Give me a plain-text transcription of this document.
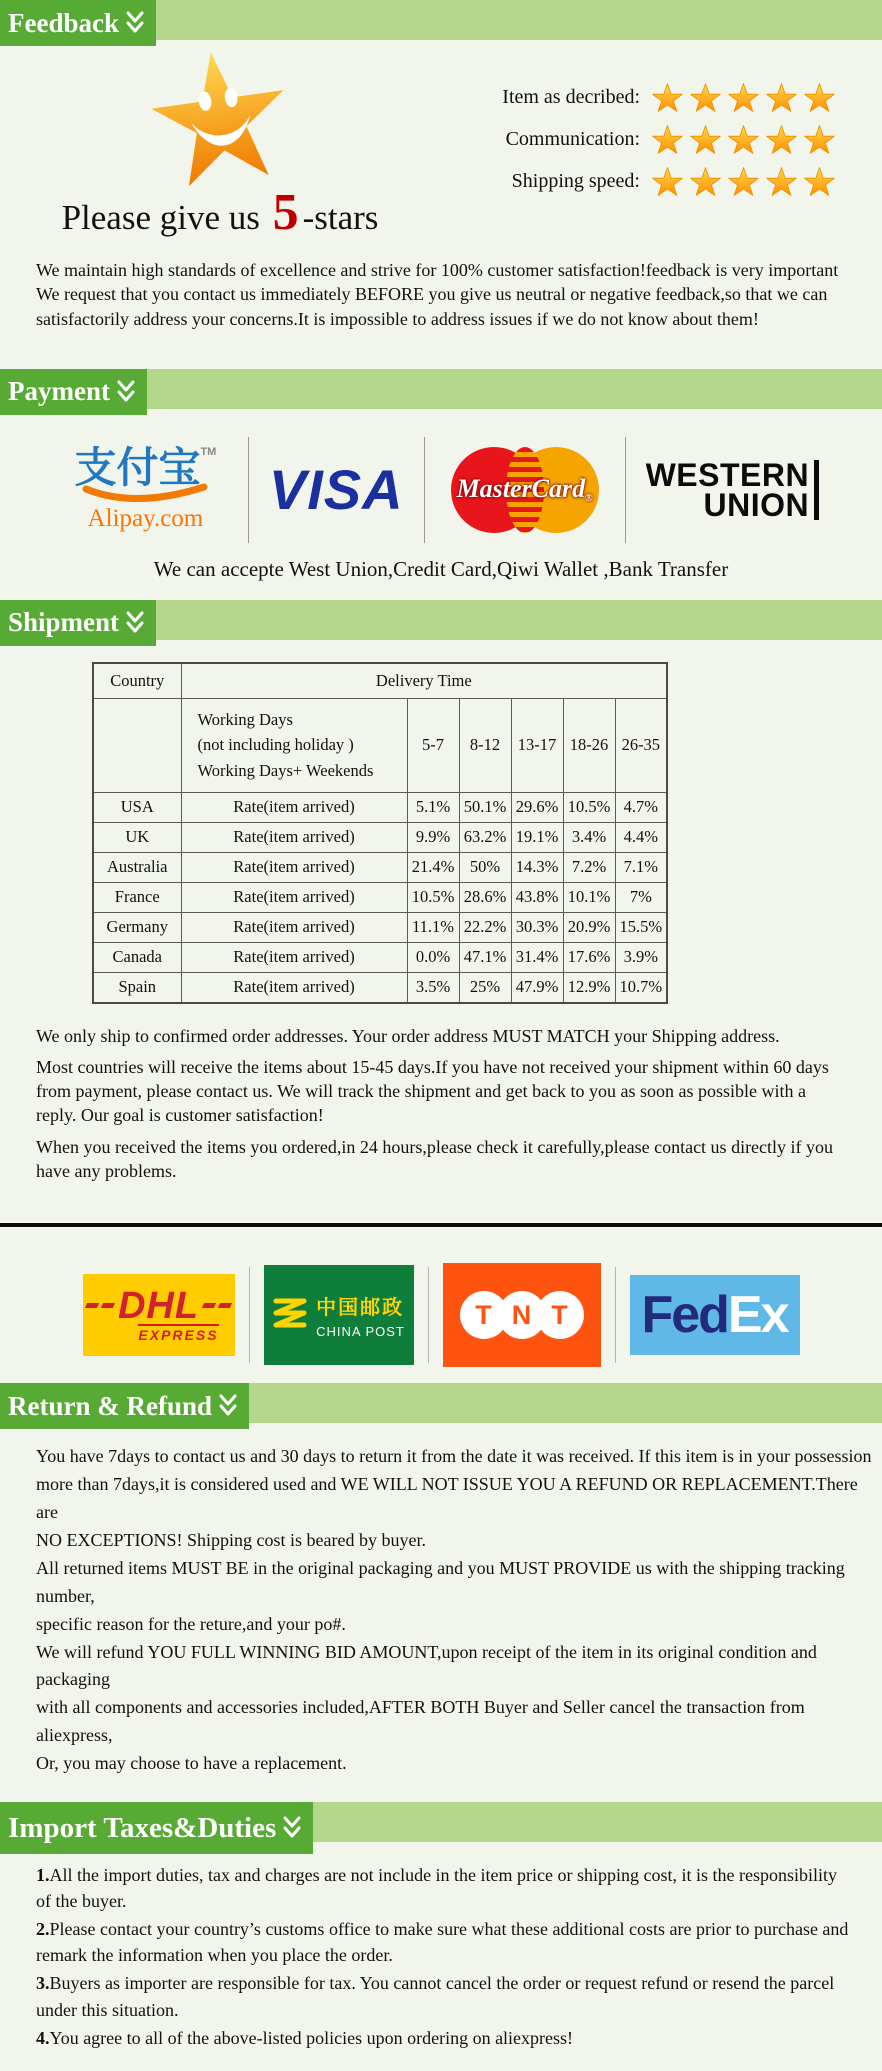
Feedback
Please give us 5 -stars
Item as decribed:
Communication:
Shipping speed:
We maintain high standards of excellence and strive for 100% customer satisfaction!feedback is very important
We request that you contact us immediately BEFORE you give us neutral or negative feedback,so that we can
satisfactorily address your concerns.It is impossible to address issues if we do not know about them!
Payment
支付宝™
Alipay.com	VISA	MasterCard®
WESTERN
UNION
We can accepte West Union,Credit Card,Qiwi Wallet ,Bank Transfer
Shipment
Country	Delivery Time					

	Working Days
(not including holiday )
Working Days+ Weekends	5-7	8-12	13-17	18-26	26-35
USA	Rate(item arrived)	5.1%	50.1%	29.6%	10.5%	4.7%
UK	Rate(item arrived)	9.9%	63.2%	19.1%	3.4%	4.4%
Australia	Rate(item arrived)	21.4%	50%	14.3%	7.2%	7.1%
France	Rate(item arrived)	10.5%	28.6%	43.8%	10.1%	7%
Germany	Rate(item arrived)	11.1%	22.2%	30.3%	20.9%	15.5%
Canada	Rate(item arrived)	0.0%	47.1%	31.4%	17.6%	3.9%
Spain	Rate(item arrived)	3.5%	25%	47.9%	12.9%	10.7%

We only ship to confirmed order addresses. Your order address MUST MATCH your Shipping address.

Most countries will receive the items about 15-45 days.If you have not received your shipment within 60 days from payment, please contact us. We will track the shipment and get back to you as soon as possible with a reply. Our goal is customer satisfaction!

When you received the items you ordered,in 24 hours,please check it carefully,please contact us directly if you have any problems.

DHL
EXPRESS
中国邮政
CHINA POST
T N T Fed Ex
Return & Refund
You have 7days to contact us and 30 days to return it from the date it was received. If this item is in your possession
more than 7days,it is considered used and WE WILL NOT ISSUE YOU A REFUND OR REPLACEMENT.There are
NO EXCEPTIONS! Shipping cost is beared by buyer.
All returned items MUST BE in the original packaging and you MUST PROVIDE us with the shipping tracking number,
specific reason for the reture,and your po#.
We will refund YOU FULL WINNING BID AMOUNT,upon receipt of the item in its original condition and packaging
with all components and accessories included,AFTER BOTH Buyer and Seller cancel the transaction from aliexpress,
Or, you may choose to have a replacement.
Import Taxes&Duties

1.All the import duties, tax and charges are not include in the item price or shipping cost, it is the responsibility of the buyer.

2.Please contact your country’s customs office to make sure what these additional costs are prior to purchase and remark the information when you place the order.

3.Buyers as importer are responsible for tax. You cannot cancel the order or request refund or resend the parcel under this situation.

4.You agree to all of the above-listed policies upon ordering on aliexpress!
